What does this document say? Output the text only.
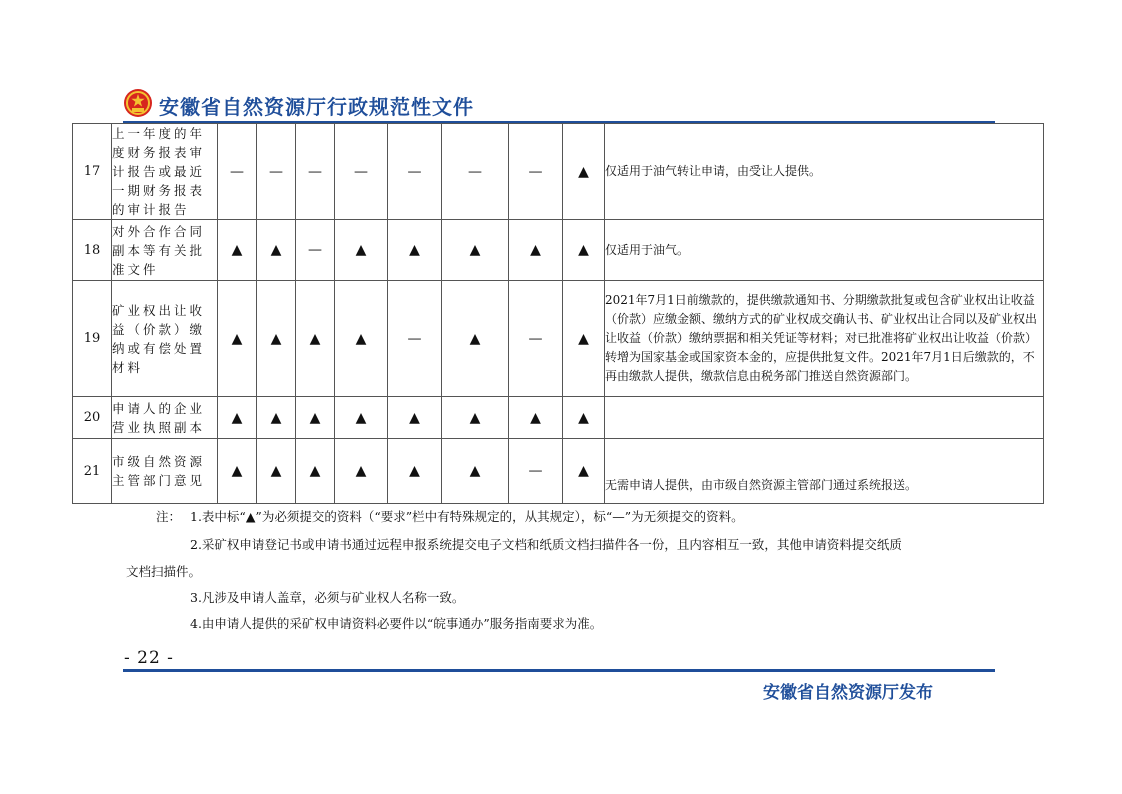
安徽省自然资源厅行政规范性文件
17	上一年度的年度财务报表审计报告或最近一期财务报表的审计报告	—	—	—	—	—	—	—	▲	仅适用于油气转让申请，由受让人提供。
18	对外合作合同副本等有关批准文件	▲	▲	—	▲	▲	▲	▲	▲	仅适用于油气。
19	矿业权出让收益（价款）缴纳或有偿处置材料	▲	▲	▲	▲	—	▲	—	▲	2021年7月1日前缴款的，提供缴款通知书、分期缴款批复或包含矿业权出让收益（价款）应缴金额、缴纳方式的矿业权成交确认书、矿业权出让合同以及矿业权出让收益（价款）缴纳票据和相关凭证等材料；对已批准将矿业权出让收益（价款）转增为国家基金或国家资本金的，应提供批复文件。2021年7月1日后缴款的，不再由缴款人提供，缴款信息由税务部门推送自然资源部门。
20	申请人的企业营业执照副本	▲	▲	▲	▲	▲	▲	▲	▲	
21	市级自然资源主管部门意见	▲	▲	▲	▲	▲	▲	—	▲	无需申请人提供，由市级自然资源主管部门通过系统报送。
注： 1.表中标“▲”为必须提交的资料（“要求”栏中有特殊规定的，从其规定），标“—”为无须提交的资料。
2.采矿权申请登记书或申请书通过远程申报系统提交电子文档和纸质文档扫描件各一份，且内容相互一致，其他申请资料提交纸质
文档扫描件。
3.凡涉及申请人盖章，必须与矿业权人名称一致。
4.由申请人提供的采矿权申请资料必要件以“皖事通办”服务指南要求为准。
- 22 -
安徽省自然资源厅发布
